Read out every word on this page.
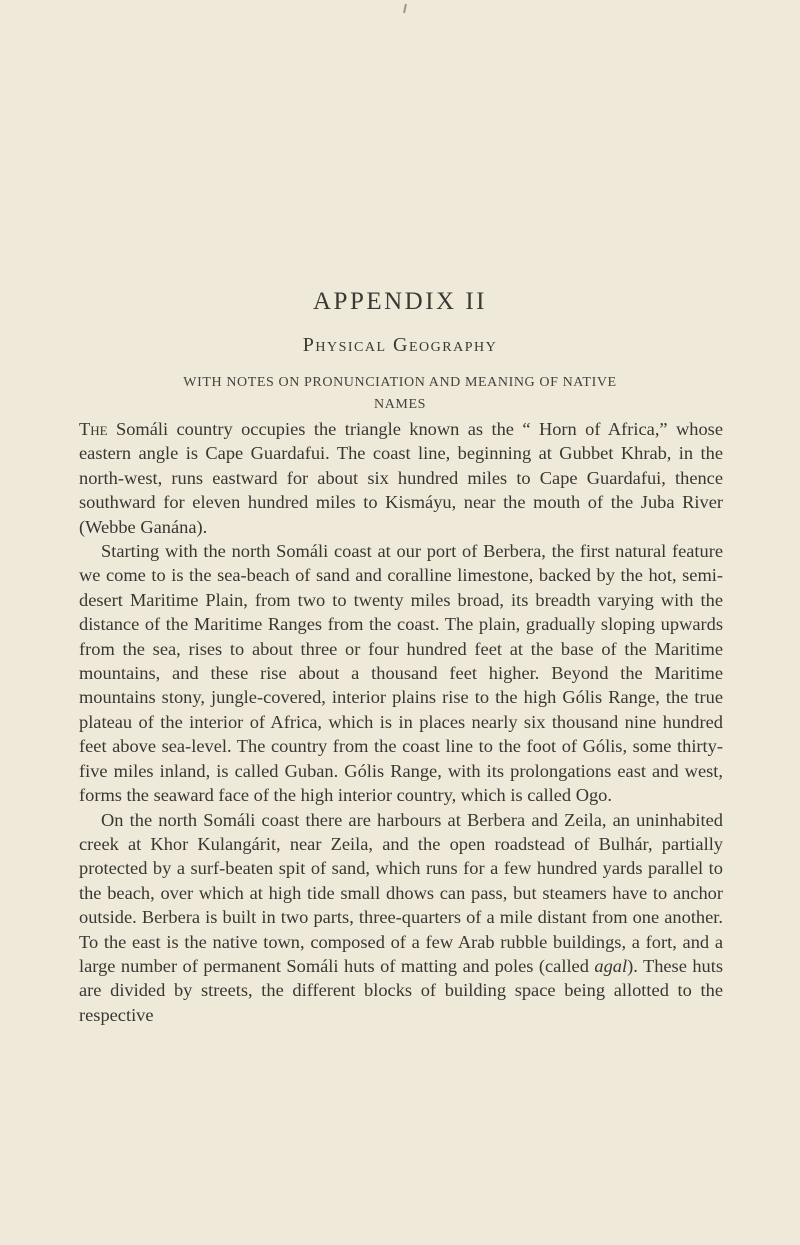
APPENDIX II
Physical Geography
WITH NOTES ON PRONUNCIATION AND MEANING OF NATIVE NAMES

The Somáli country occupies the triangle known as the “ Horn of Africa,” whose eastern angle is Cape Guardafui. The coast line, beginning at Gubbet Khrab, in the north-west, runs eastward for about six hundred miles to Cape Guardafui, thence southward for eleven hundred miles to Kismáyu, near the mouth of the Juba River (Webbe Ganána).

Starting with the north Somáli coast at our port of Berbera, the first natural feature we come to is the sea-beach of sand and coralline limestone, backed by the hot, semi-desert Maritime Plain, from two to twenty miles broad, its breadth varying with the distance of the Maritime Ranges from the coast. The plain, gradually sloping upwards from the sea, rises to about three or four hundred feet at the base of the Maritime mountains, and these rise about a thousand feet higher. Beyond the Maritime mountains stony, jungle-covered, interior plains rise to the high Gólis Range, the true plateau of the interior of Africa, which is in places nearly six thousand nine hundred feet above sea-level. The country from the coast line to the foot of Gólis, some thirty-five miles inland, is called Guban. Gólis Range, with its prolongations east and west, forms the seaward face of the high interior country, which is called Ogo.

On the north Somáli coast there are harbours at Berbera and Zeila, an uninhabited creek at Khor Kulangárit, near Zeila, and the open roadstead of Bulhár, partially protected by a surf-beaten spit of sand, which runs for a few hundred yards parallel to the beach, over which at high tide small dhows can pass, but steamers have to anchor outside. Berbera is built in two parts, three-quarters of a mile distant from one another. To the east is the native town, composed of a few Arab rubble buildings, a fort, and a large number of permanent Somáli huts of matting and poles (called agal). These huts are divided by streets, the different blocks of building space being allotted to the respective
